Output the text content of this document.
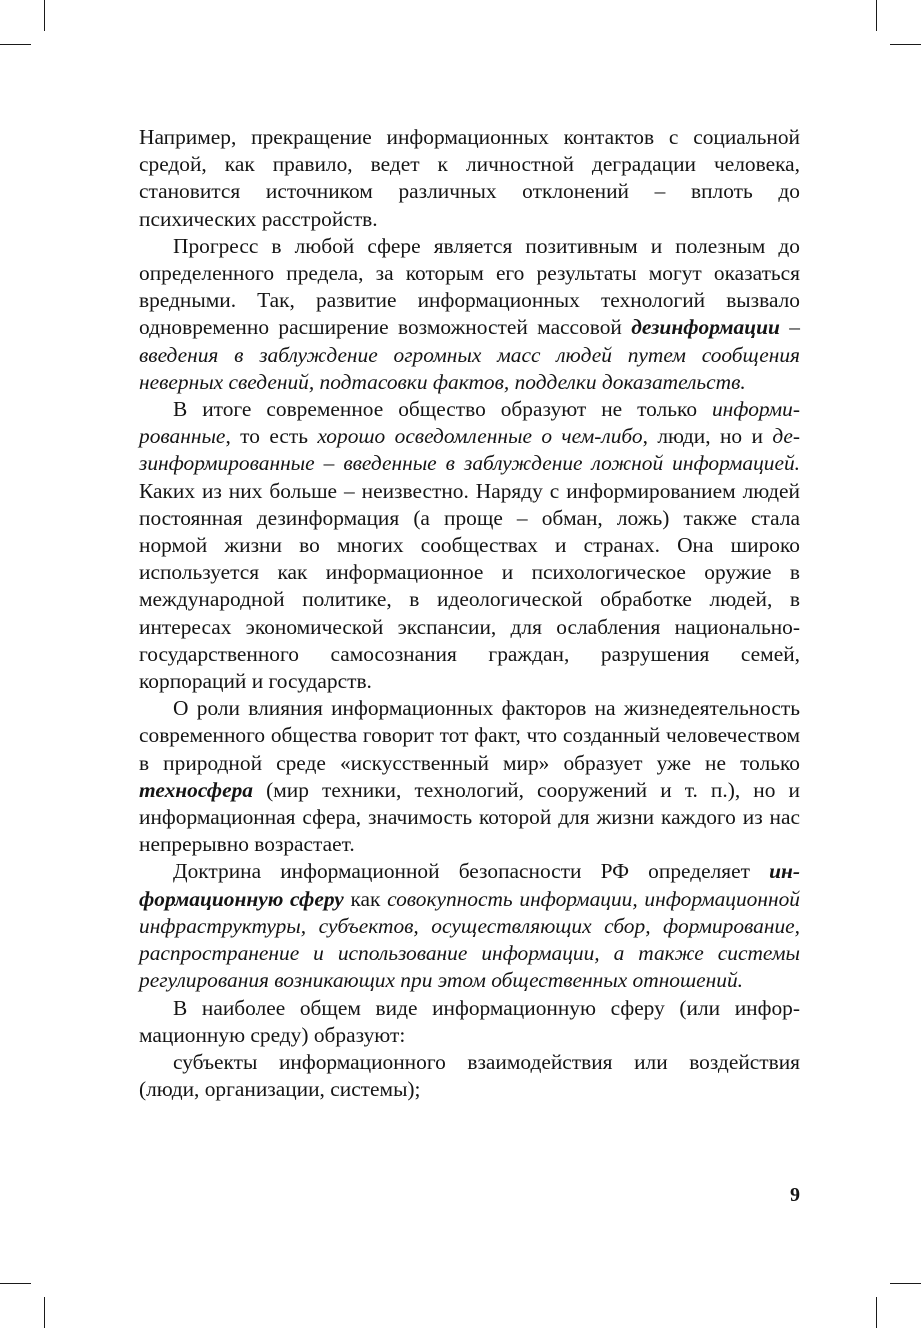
Например, прекращение информационных контактов с социальной средой, как правило, ведет к личностной деградации человека, становится источником различных отклонений – вплоть до психических расстройств.

Прогресс в любой сфере является позитивным и полезным до определенного предела, за которым его результаты могут оказаться вредными. Так, развитие информационных технологий вызвало одновременно расширение возможностей массовой дезинформации – введения в заблуждение огромных масс людей путем сообщения неверных сведений, подтасовки фактов, подделки доказательств.

В итоге современное общество образуют не только информированные, то есть хорошо осведомленные о чем-либо, люди, но и дезинформированные – введенные в заблуждение ложной информацией. Каких из них больше – неизвестно. Наряду с информированием людей постоянная дезинформация (а проще – обман, ложь) также стала нормой жизни во многих сообществах и странах. Она широко используется как информационное и психологическое оружие в международной политике, в идеологической обработке людей, в интересах экономической экспансии, для ослабления национально-государственного самосознания граждан, разрушения семей, корпораций и государств.

О роли влияния информационных факторов на жизнедеятельность современного общества говорит тот факт, что созданный человечеством в природной среде «искусственный мир» образует уже не только техносфера (мир техники, технологий, сооружений и т. п.), но и информационная сфера, значимость которой для жизни каждого из нас непрерывно возрастает.

Доктрина информационной безопасности РФ определяет информационную сферу как совокупность информации, информационной инфраструктуры, субъектов, осуществляющих сбор, формирование, распространение и использование информации, а также системы регулирования возникающих при этом общественных отношений.

В наиболее общем виде информационную сферу (или информационную среду) образуют:

субъекты информационного взаимодействия или воздействия (люди, организации, системы);

9
